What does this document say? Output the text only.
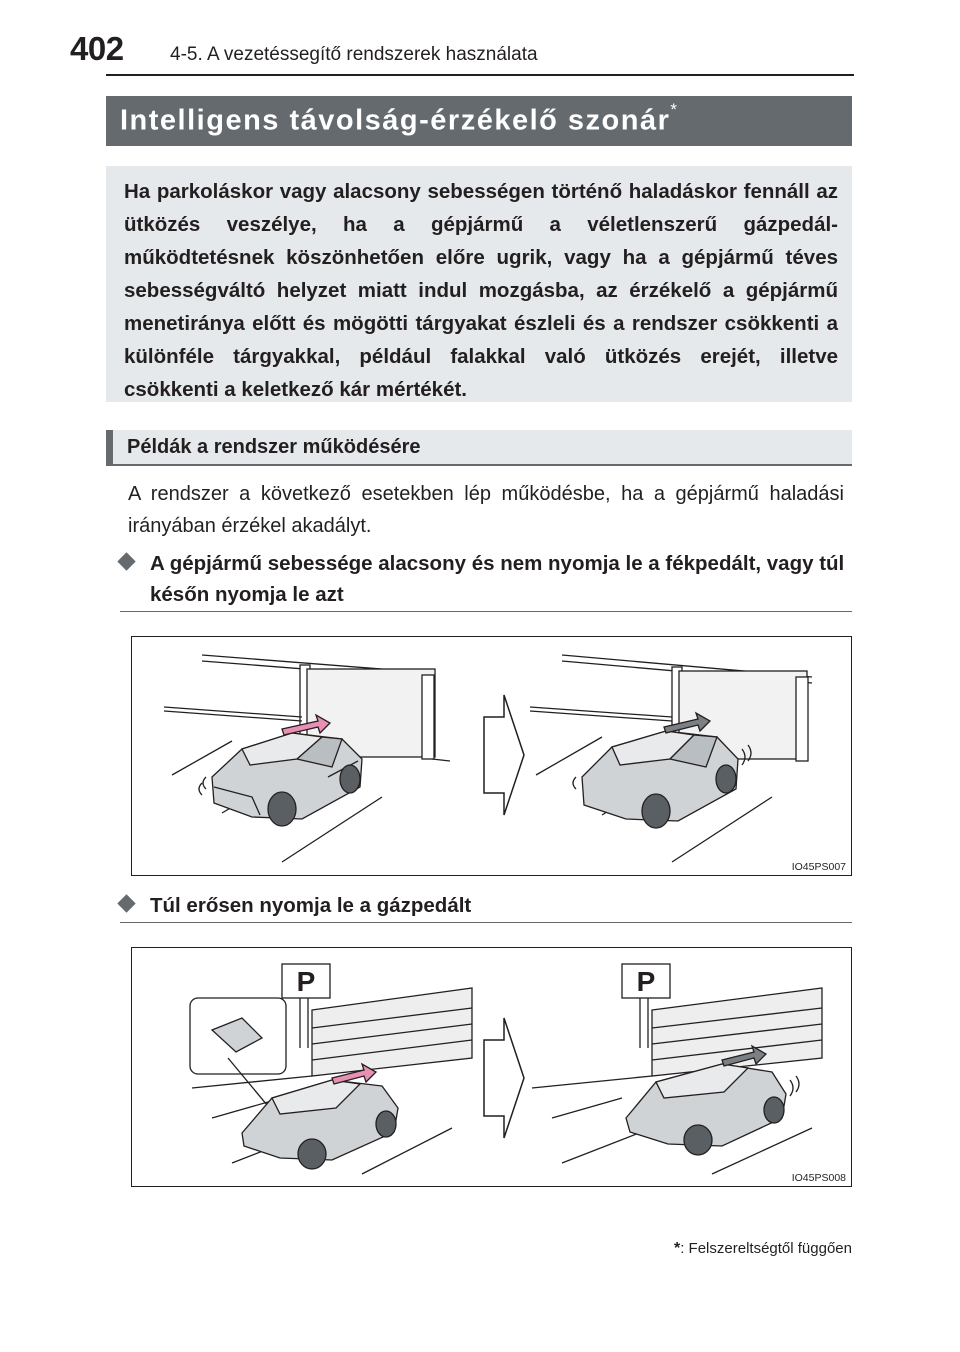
402 4-5. A vezetéssegítő rendszerek használata
Intelligens távolság-érzékelő szonár*
Ha parkoláskor vagy alacsony sebességen történő haladáskor fennáll az ütközés veszélye, ha a gépjármű a véletlenszerű gázpedál-működtetésnek köszönhetően előre ugrik, vagy ha a gépjármű téves sebességváltó helyzet miatt indul mozgásba, az érzékelő a gépjármű menetiránya előtt és mögötti tárgyakat észleli és a rendszer csökkenti a különféle tárgyakkal, például falakkal való ütközés erejét, illetve csökkenti a keletkező kár mértékét.
Példák a rendszer működésére
A rendszer a következő esetekben lép működésbe, ha a gépjármű haladási irányában érzékel akadályt.
A gépjármű sebessége alacsony és nem nyomja le a fékpedált, vagy túl későn nyomja le azt
IO45PS007
Túl erősen nyomja le a gázpedált
P	P
IO45PS008
*: Felszereltségtől függően
